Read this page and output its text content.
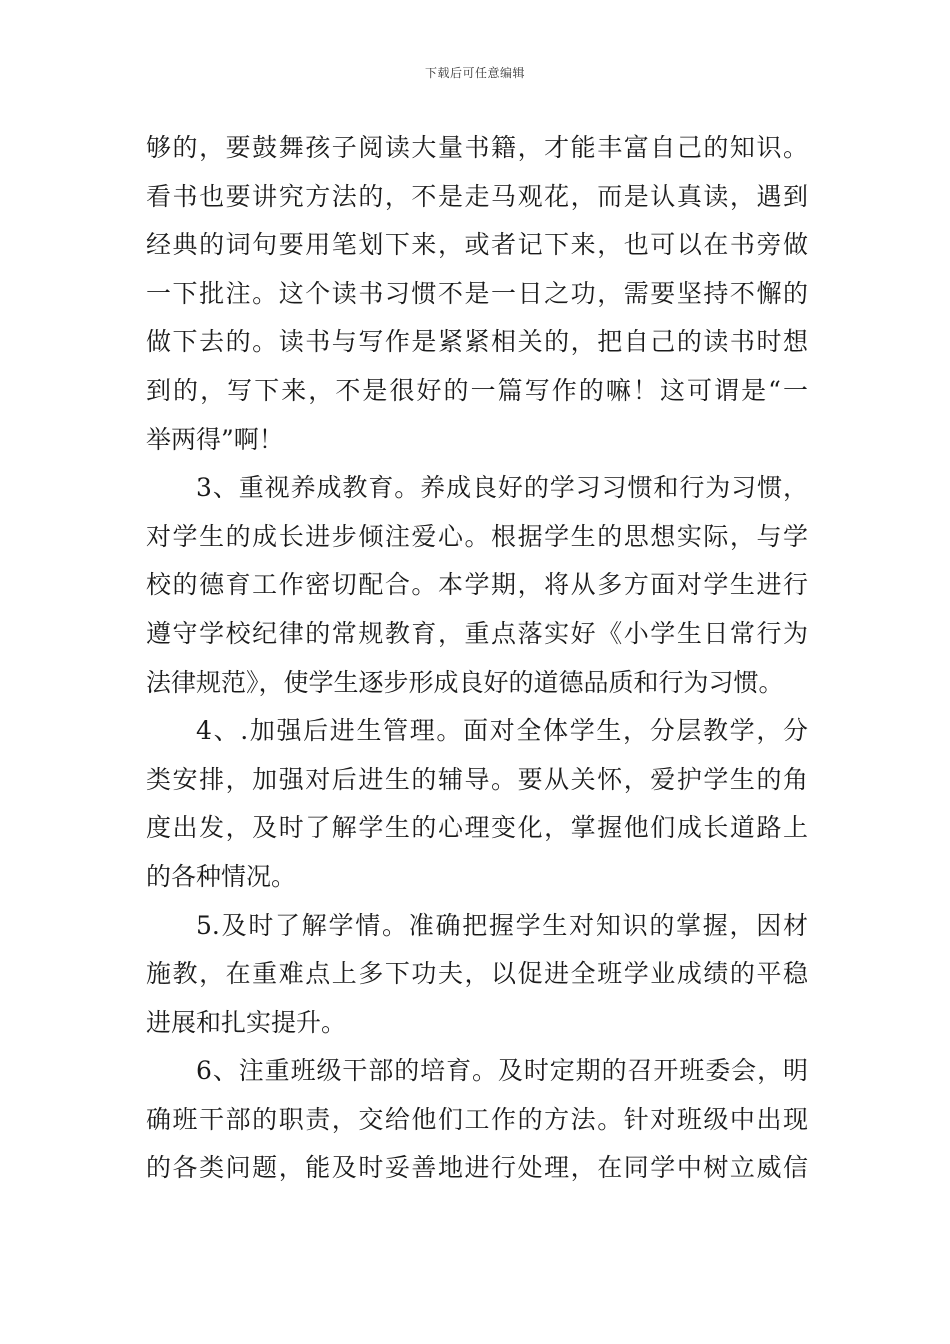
下载后可任意编辑
够的，要鼓舞孩子阅读大量书籍，才能丰富自己的知识。
看书也要讲究方法的，不是走马观花，而是认真读，遇到
经典的词句要用笔划下来，或者记下来，也可以在书旁做
一下批注。这个读书习惯不是一日之功，需要坚持不懈的
做下去的。读书与写作是紧紧相关的，把自己的读书时想
到的，写下来，不是很好的一篇写作的嘛！这可谓是“一
举两得”啊！
3、重视养成教育。养成良好的学习习惯和行为习惯，
对学生的成长进步倾注爱心。根据学生的思想实际，与学
校的德育工作密切配合。本学期，将从多方面对学生进行
遵守学校纪律的常规教育，重点落实好《小学生日常行为
法律规范》，使学生逐步形成良好的道德品质和行为习惯。
4、.加强后进生管理。面对全体学生，分层教学，分
类安排，加强对后进生的辅导。要从关怀，爱护学生的角
度出发，及时了解学生的心理变化，掌握他们成长道路上
的各种情况。
5.及时了解学情。准确把握学生对知识的掌握，因材
施教，在重难点上多下功夫，以促进全班学业成绩的平稳
进展和扎实提升。
6、注重班级干部的培育。及时定期的召开班委会，明
确班干部的职责，交给他们工作的方法。针对班级中出现
的各类问题，能及时妥善地进行处理，在同学中树立威信
